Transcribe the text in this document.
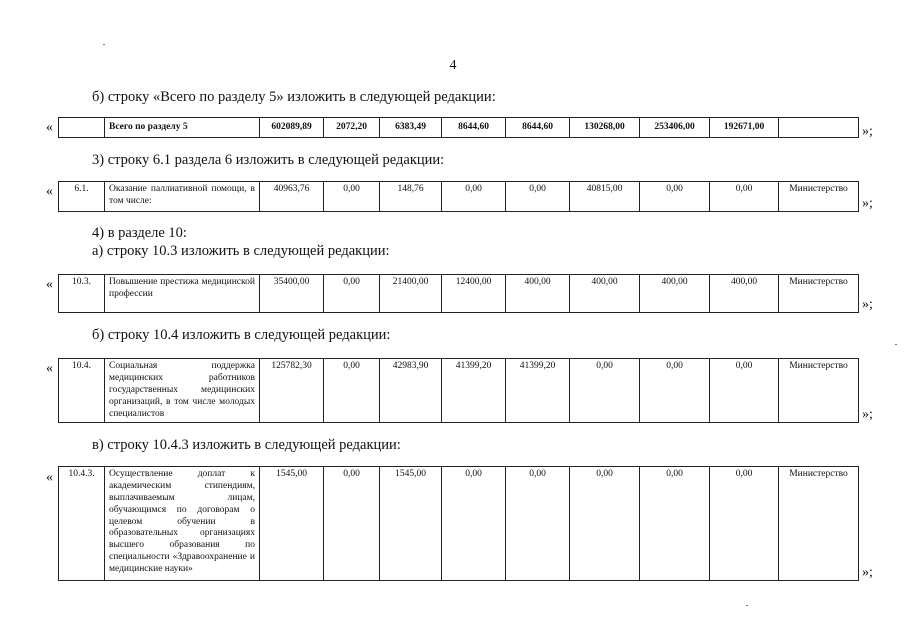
4
б) строку «Всего по разделу 5» изложить в следующей редакции:
«
		Всего по разделу 5	602089,89	2072,20	6383,49	8644,60	8644,60	130268,00	253406,00	192671,00		»;
3) строку 6.1 раздела 6 изложить в следующей редакции:
« 6.1.	Оказание паллиативной помощи, в том числе:	40963,76	0,00	148,76	0,00	0,00	40815,00	0,00	0,00	Министерство
»;
4) в разделе 10:
а) строку 10.3 изложить в следующей редакции:
« 10.3.	Повышение престижа медицинской профессии	35400,00	0,00	21400,00	12400,00	400,00	400,00	400,00	400,00	Министерство
»;
б) строку 10.4 изложить в следующей редакции:
« 10.4.	Социальная поддержка медицинских работников государственных медицинских организаций, в том числе молодых специалистов	125782,30	0,00	42983,90	41399,20	41399,20	0,00	0,00	0,00	Министерство
»;
в) строку 10.4.3 изложить в следующей редакции:
« 10.4.3.	Осуществление доплат к академическим стипендиям, выплачиваемым лицам, обучающимся по договорам о целевом обучении в образовательных организациях высшего образования по специальности «Здравоохранение и медицинские науки»	1545,00	0,00	1545,00	0,00	0,00	0,00	0,00	0,00	Министерство
»;
